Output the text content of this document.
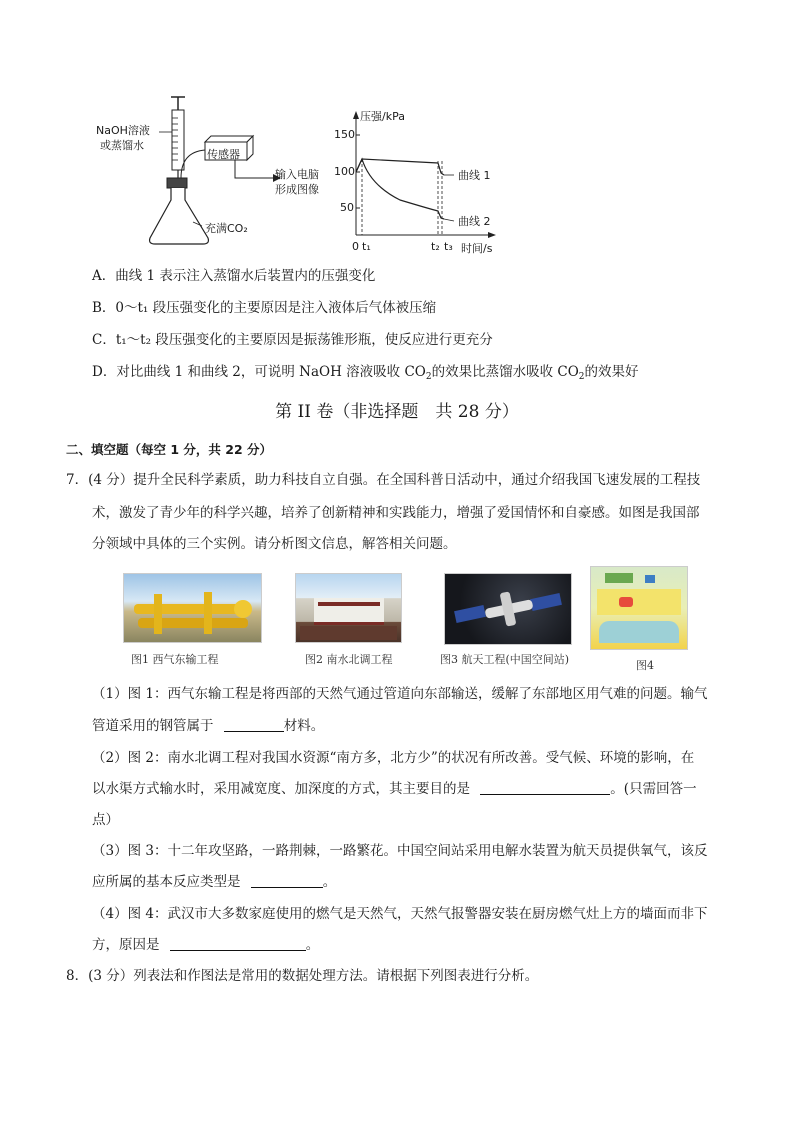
NaOH溶液
或蒸馏水
传感器
输入电脑
形成图像
充满CO₂
压强/kPa
150
100
50
0 t₁	t₂ t₃ 时间/s
曲线 1
曲线 2
A．曲线 1 表示注入蒸馏水后装置内的压强变化
B．0～t₁ 段压强变化的主要原因是注入液体后气体被压缩
C．t₁～t₂ 段压强变化的主要原因是振荡锥形瓶，使反应进行更充分
D．对比曲线 1 和曲线 2，可说明 NaOH 溶液吸收 $CO_2$的效果比蒸馏水吸收 $CO_2$的效果好
第 II 卷（非选择题　共 28 分）
二、填空题（每空 1 分，共 22 分）
7．(4 分）提升全民科学素质，助力科技自立自强。在全国科普日活动中，通过介绍我国飞速发展的工程技
术，激发了青少年的科学兴趣，培养了创新精神和实践能力，增强了爱国情怀和自豪感。如图是我国部
分领域中具体的三个实例。请分析图文信息，解答相关问题。
图1 西气东输工程	图2 南水北调工程	图3 航天工程(中国空间站)	图4
（1）图 1：西气东输工程是将西部的天然气通过管道向东部输送，缓解了东部地区用气难的问题。输气
管道采用的钢管属于	材料。
（2）图 2：南水北调工程对我国水资源“南方多，北方少”的状况有所改善。受气候、环境的影响，在
以水渠方式输水时，采用减宽度、加深度的方式，其主要目的是	。(只需回答一
点）
（3）图 3：十二年攻坚路，一路荆棘，一路繁花。中国空间站采用电解水装置为航天员提供氧气，该反
应所属的基本反应类型是	。
（4）图 4：武汉市大多数家庭使用的燃气是天然气，天然气报警器安装在厨房燃气灶上方的墙面而非下
方，原因是	。
8．(3 分）列表法和作图法是常用的数据处理方法。请根据下列图表进行分析。
